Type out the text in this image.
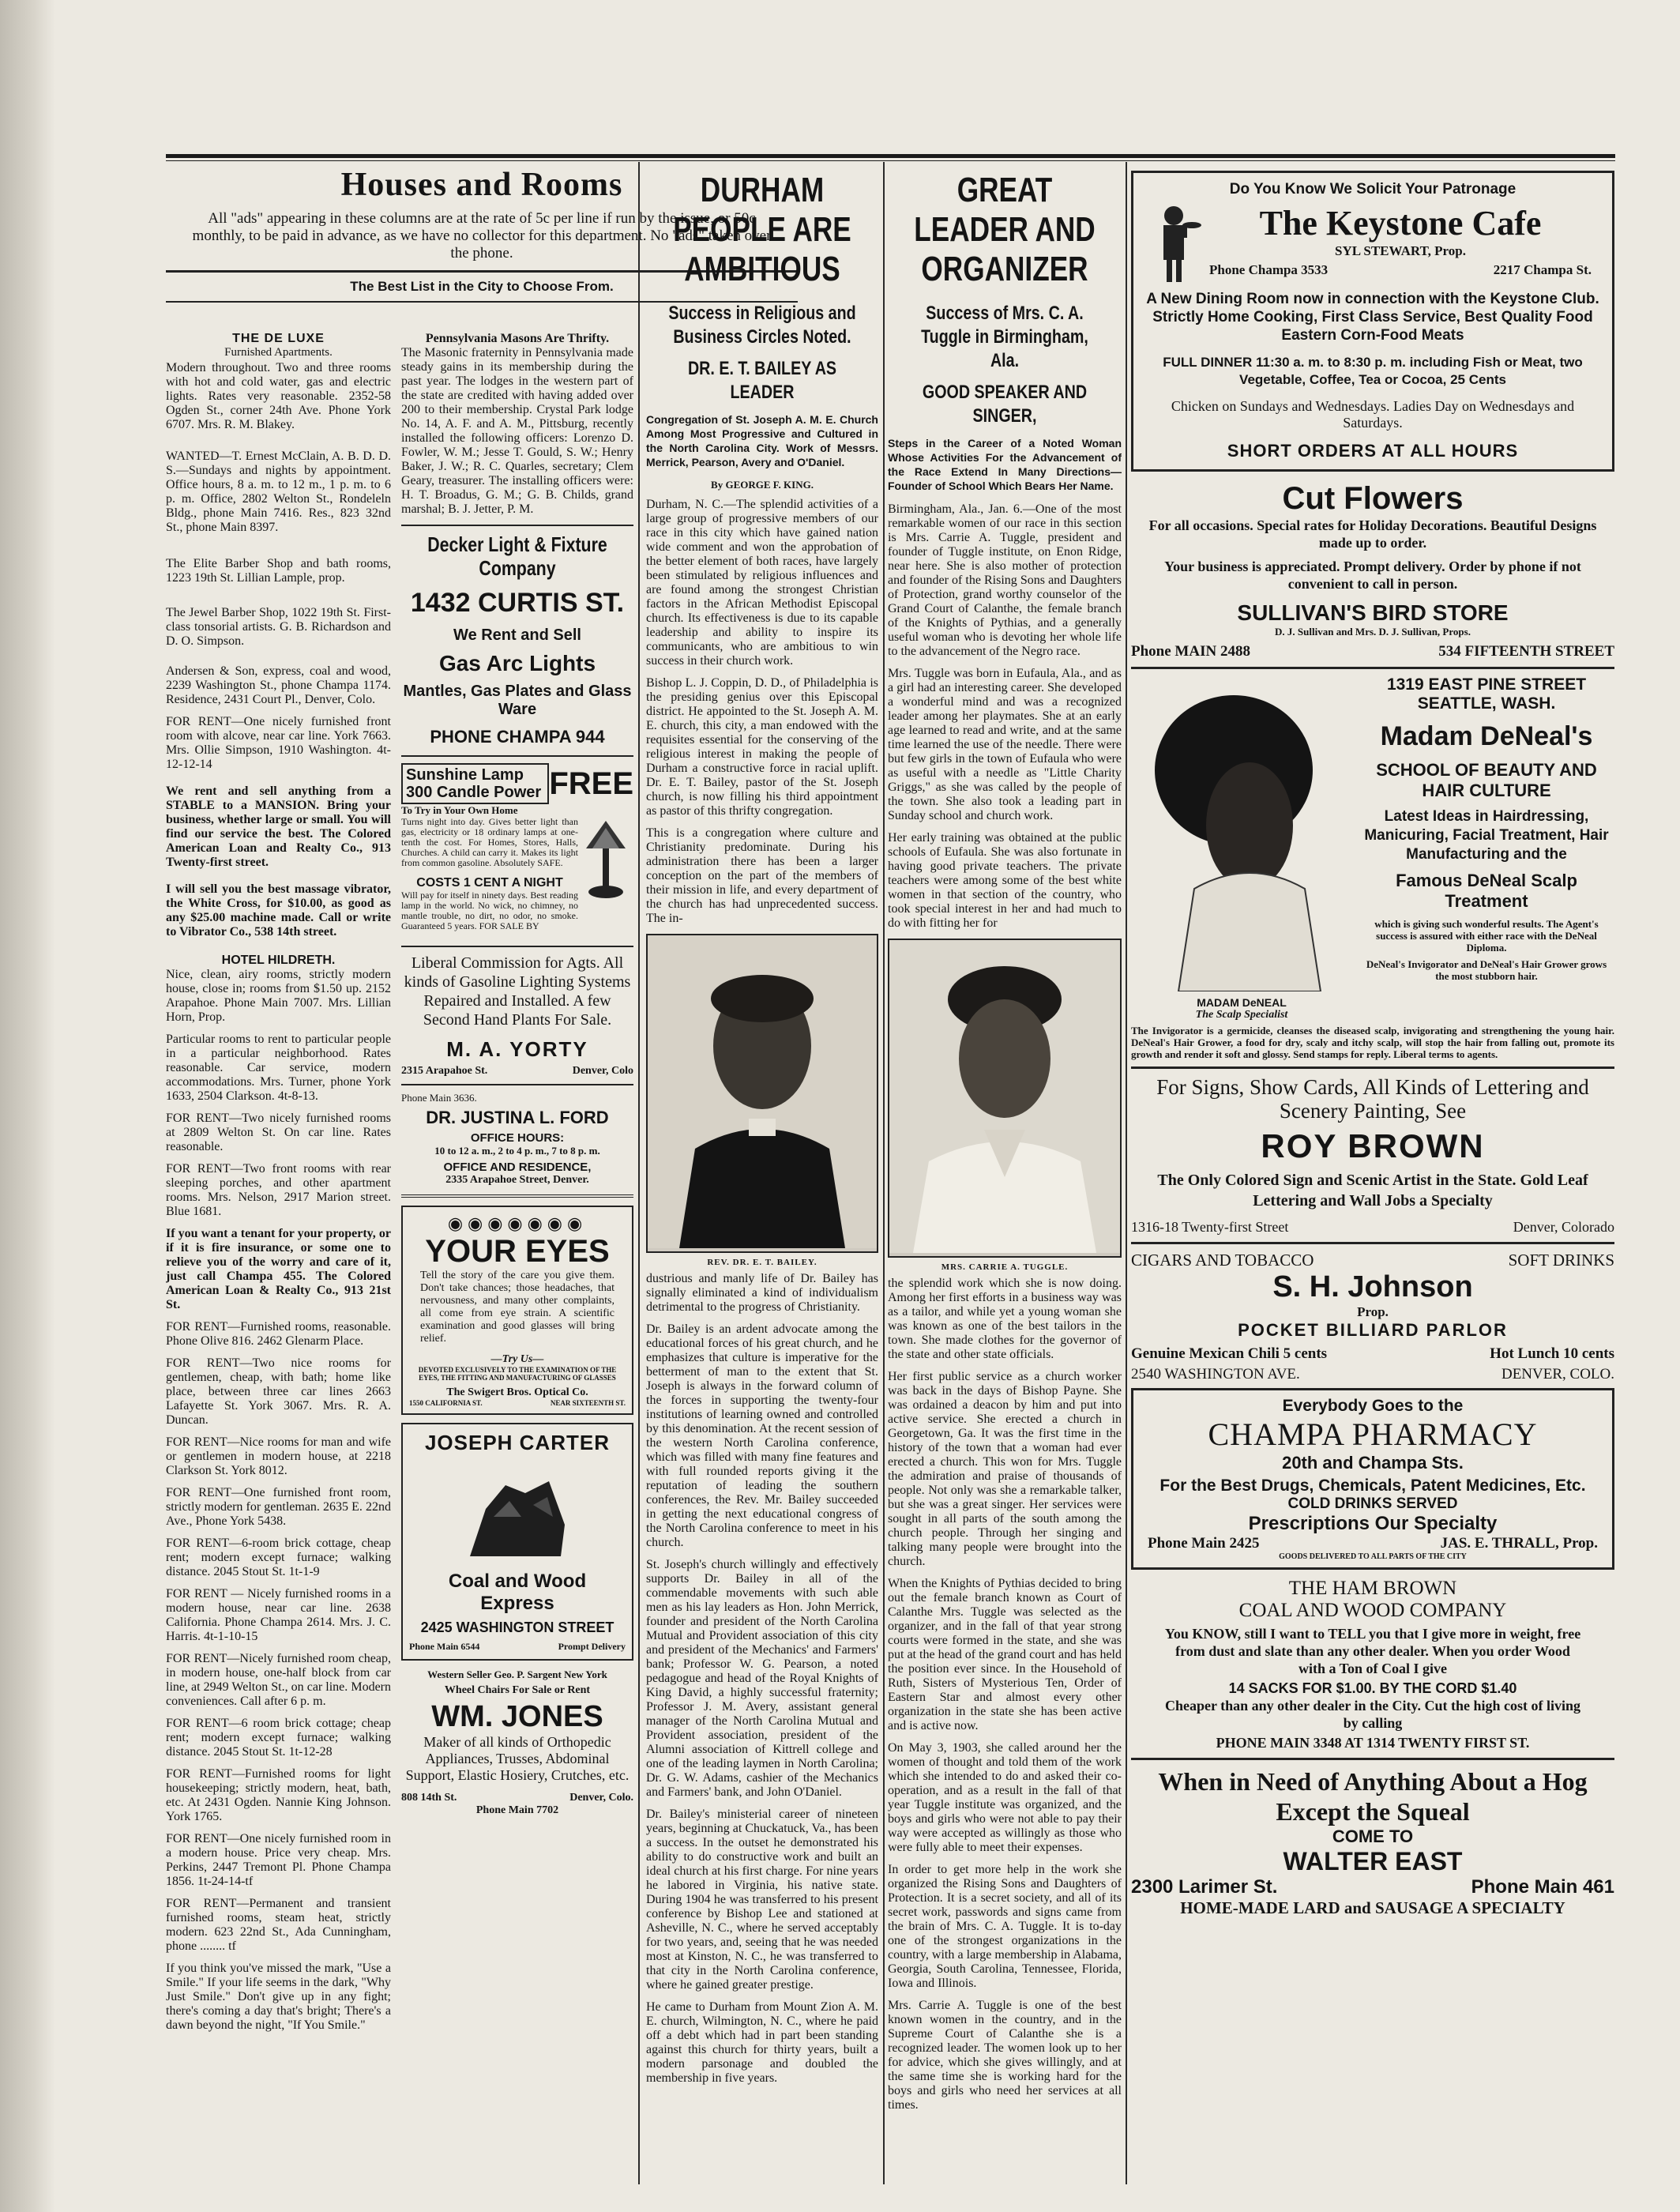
Houses and Rooms

All "ads" appearing in these columns are at the rate of 5c per line if run by the issue, or 50c monthly, to be paid in advance, as we have no collector for this department. No "ads" taken over the phone.

The Best List in the City to Choose From.
THE DE LUXE
Furnished Apartments.

Modern throughout. Two and three rooms with hot and cold water, gas and electric lights. Rates very reasonable. 2352-58 Ogden St., corner 24th Ave. Phone York 6707. Mrs. R. M. Blakey.

WANTED—T. Ernest McClain, A. B. D. D. S.—Sundays and nights by appointment. Office hours, 8 a. m. to 12 m., 1 p. m. to 6 p. m. Office, 2802 Welton St., Rondeleln Bldg., phone Main 7416. Res., 823 32nd St., phone Main 8397.

The Elite Barber Shop and bath rooms, 1223 19th St. Lillian Lample, prop.

The Jewel Barber Shop, 1022 19th St. First-class tonsorial artists. G. B. Richardson and D. O. Simpson.

Andersen & Son, express, coal and wood, 2239 Washington St., phone Champa 1174. Residence, 2431 Court Pl., Denver, Colo.

FOR RENT—One nicely furnished front room with alcove, near car line. York 7663. Mrs. Ollie Simpson, 1910 Washington. 4t-12-12-14

We rent and sell anything from a STABLE to a MANSION. Bring your business, whether large or small. You will find our service the best. The Colored American Loan and Realty Co., 913 Twenty-first street.

I will sell you the best massage vibrator, the White Cross, for $10.00, as good as any $25.00 machine made. Call or write to Vibrator Co., 538 14th street.

HOTEL HILDRETH.

Nice, clean, airy rooms, strictly modern house, close in; rooms from $1.50 up. 2152 Arapahoe. Phone Main 7007. Mrs. Lillian Horn, Prop.

Particular rooms to rent to particular people in a particular neighborhood. Rates reasonable. Car service, modern accommodations. Mrs. Turner, phone York 1633, 2504 Clarkson. 4t-8-13.

FOR RENT—Two nicely furnished rooms at 2809 Welton St. On car line. Rates reasonable.

FOR RENT—Two front rooms with rear sleeping porches, and other apartment rooms. Mrs. Nelson, 2917 Marion street. Blue 1681.

If you want a tenant for your property, or if it is fire insurance, or some one to relieve you of the worry and care of it, just call Champa 455. The Colored American Loan & Realty Co., 913 21st St.

FOR RENT—Furnished rooms, reasonable. Phone Olive 816. 2462 Glenarm Place.

FOR RENT—Two nice rooms for gentlemen, cheap, with bath; home like place, between three car lines 2663 Lafayette St. York 3067. Mrs. R. A. Duncan.

FOR RENT—Nice rooms for man and wife or gentlemen in modern house, at 2218 Clarkson St. York 8012.

FOR RENT—One furnished front room, strictly modern for gentleman. 2635 E. 22nd Ave., Phone York 5438.

FOR RENT—6-room brick cottage, cheap rent; modern except furnace; walking distance. 2045 Stout St. 1t-1-9

FOR RENT — Nicely furnished rooms in a modern house, near car line. 2638 California. Phone Champa 2614. Mrs. J. C. Harris. 4t-1-10-15

FOR RENT—Nicely furnished room cheap, in modern house, one-half block from car line, at 2949 Welton St., on car line. Modern conveniences. Call after 6 p. m.

FOR RENT—6 room brick cottage; cheap rent; modern except furnace; walking distance. 2045 Stout St. 1t-12-28

FOR RENT—Furnished rooms for light housekeeping; strictly modern, heat, bath, etc. At 2431 Ogden. Nannie King Johnson. York 1765.

FOR RENT—One nicely furnished room in a modern house. Price very cheap. Mrs. Perkins, 2447 Tremont Pl. Phone Champa 1856. 1t-24-14-tf

FOR RENT—Permanent and transient furnished rooms, steam heat, strictly modern. 623 22nd St., Ada Cunningham, phone ........ tf

If you think you've missed the mark, "Use a Smile." If your life seems in the dark, "Why Just Smile." Don't give up in any fight; there's coming a day that's bright; There's a dawn beyond the night, "If You Smile."

Pennsylvania Masons Are Thrifty.

The Masonic fraternity in Pennsylvania made steady gains in its membership during the past year. The lodges in the western part of the state are credited with having added over 200 to their membership. Crystal Park lodge No. 14, A. F. and A. M., Pittsburg, recently installed the following officers: Lorenzo D. Fowler, W. M.; Jesse T. Gould, S. W.; Henry Baker, J. W.; R. C. Quarles, secretary; Clem Geary, treasurer. The installing officers were: H. T. Broadus, G. M.; G. B. Childs, grand marshal; B. J. Jetter, P. M.

Decker Light & Fixture Company
1432 CURTIS ST.
We Rent and Sell
Gas Arc Lights
Mantles, Gas Plates and Glass Ware
PHONE CHAMPA 944
Sunshine Lamp 300 Candle Power FREE
To Try in Your Own Home

Turns night into day. Gives better light than gas, electricity or 18 ordinary lamps at one-tenth the cost. For Homes, Stores, Halls, Churches. A child can carry it. Makes its light from common gasoline. Absolutely SAFE.

COSTS 1 CENT A NIGHT

Will pay for itself in ninety days. Best reading lamp in the world. No wick, no chimney, no mantle trouble, no dirt, no odor, no smoke. Guaranteed 5 years. FOR SALE BY

Liberal Commission for Agts. All kinds of Gasoline Lighting Systems Repaired and Installed. A few Second Hand Plants For Sale.

M. A. YORTY
2315 Arapahoe St.	Denver, Colo
Phone Main 3636.
DR. JUSTINA L. FORD
OFFICE HOURS:
10 to 12 a. m., 2 to 4 p. m., 7 to 8 p. m.
OFFICE AND RESIDENCE,
2335 Arapahoe Street, Denver.
◉◉◉◉◉◉◉
YOUR EYES

Tell the story of the care you give them. Don't take chances; those headaches, that nervousness, and many other complaints, all come from eye strain. A scientific examination and good glasses will bring relief.

—Try Us—
DEVOTED EXCLUSIVELY TO THE EXAMINATION OF THE EYES, THE FITTING AND MANUFACTURING OF GLASSES
The Swigert Bros. Optical Co.
1550 CALIFORNIA ST.	NEAR SIXTEENTH ST.
JOSEPH CARTER
Coal and Wood Express
2425 WASHINGTON STREET
Phone Main 6544	Prompt Delivery
Western Seller Geo. P. Sargent New York
Wheel Chairs For Sale or Rent
WM. JONES

Maker of all kinds of Orthopedic Appliances, Trusses, Abdominal Support, Elastic Hosiery, Crutches, etc.

808 14th St.	Denver, Colo.
Phone Main 7702
DURHAM PEOPLE ARE AMBITIOUS
Success in Religious and Business Circles Noted.
DR. E. T. BAILEY AS LEADER
Congregation of St. Joseph A. M. E. Church Among Most Progressive and Cultured in the North Carolina City. Work of Messrs. Merrick, Pearson, Avery and O'Daniel.
By GEORGE F. KING.

Durham, N. C.—The splendid activities of a large group of progressive members of our race in this city which have gained nation wide comment and won the approbation of the better element of both races, have largely been stimulated by religious influences and are found among the strongest Christian factors in the African Methodist Episcopal church. Its effectiveness is due to its capable leadership and ability to inspire its communicants, who are ambitious to win success in their church work.

Bishop L. J. Coppin, D. D., of Philadelphia is the presiding genius over this Episcopal district. He appointed to the St. Joseph A. M. E. church, this city, a man endowed with the requisites essential for the conserving of the religious interest in making the people of Durham a constructive force in racial uplift. Dr. E. T. Bailey, pastor of the St. Joseph church, is now filling his third appointment as pastor of this thrifty congregation.

This is a congregation where culture and Christianity predominate. During his administration there has been a larger conception on the part of the members of their mission in life, and every department of the church has had unprecedented success. The in-

REV. DR. E. T. BAILEY.

dustrious and manly life of Dr. Bailey has signally eliminated a kind of individualism detrimental to the progress of Christianity.

Dr. Bailey is an ardent advocate among the educational forces of his great church, and he emphasizes that culture is imperative for the betterment of man to the extent that St. Joseph is always in the forward column of the forces in supporting the twenty-four institutions of learning owned and controlled by this denomination. At the recent session of the western North Carolina conference, which was filled with many fine features and with full rounded reports giving it the reputation of leading the southern conferences, the Rev. Mr. Bailey succeeded in getting the next educational congress of the North Carolina conference to meet in his church.

St. Joseph's church willingly and effectively supports Dr. Bailey in all of the commendable movements with such able men as his lay leaders as Hon. John Merrick, founder and president of the North Carolina Mutual and Provident association of this city and president of the Mechanics' and Farmers' bank; Professor W. G. Pearson, a noted pedagogue and head of the Royal Knights of King David, a highly successful fraternity; Professor J. M. Avery, assistant general manager of the North Carolina Mutual and Provident association, president of the Alumni association of Kittrell college and one of the leading laymen in North Carolina; Dr. G. W. Adams, cashier of the Mechanics and Farmers' bank, and John O'Daniel.

Dr. Bailey's ministerial career of nineteen years, beginning at Chuckatuck, Va., has been a success. In the outset he demonstrated his ability to do constructive work and built an ideal church at his first charge. For nine years he labored in Virginia, his native state. During 1904 he was transferred to his present conference by Bishop Lee and stationed at Asheville, N. C., where he served acceptably for two years, and, seeing that he was needed most at Kinston, N. C., he was transferred to that city in the North Carolina conference, where he gained greater prestige.

He came to Durham from Mount Zion A. M. E. church, Wilmington, N. C., where he paid off a debt which had in part been standing against this church for thirty years, built a modern parsonage and doubled the membership in five years.

GREAT LEADER AND ORGANIZER
Success of Mrs. C. A. Tuggle in Birmingham, Ala.
GOOD SPEAKER AND SINGER,
Steps in the Career of a Noted Woman Whose Activities For the Advancement of the Race Extend In Many Directions—Founder of School Which Bears Her Name.

Birmingham, Ala., Jan. 6.—One of the most remarkable women of our race in this section is Mrs. Carrie A. Tuggle, president and founder of Tuggle institute, on Enon Ridge, near here. She is also mother of protection and founder of the Rising Sons and Daughters of Protection, grand worthy counselor of the Grand Court of Calanthe, the female branch of the Knights of Pythias, and a generally useful woman who is devoting her whole life to the advancement of the Negro race.

Mrs. Tuggle was born in Eufaula, Ala., and as a girl had an interesting career. She developed a wonderful mind and was a recognized leader among her playmates. She at an early age learned to read and write, and at the same time learned the use of the needle. There were but few girls in the town of Eufaula who were as useful with a needle as "Little Charity Griggs," as she was called by the people of the town. She also took a leading part in Sunday school and church work.

Her early training was obtained at the public schools of Eufaula. She was also fortunate in having good private teachers. The private teachers were among some of the best white women in that section of the country, who took special interest in her and had much to do with fitting her for

MRS. CARRIE A. TUGGLE.

the splendid work which she is now doing. Among her first efforts in a business way was as a tailor, and while yet a young woman she was known as one of the best tailors in the town. She made clothes for the governor of the state and other state officials.

Her first public service as a church worker was back in the days of Bishop Payne. She was ordained a deacon by him and put into active service. She erected a church in Georgetown, Ga. It was the first time in the history of the town that a woman had ever erected a church. This won for Mrs. Tuggle the admiration and praise of thousands of people. Not only was she a remarkable talker, but she was a great singer. Her services were sought in all parts of the south among the church people. Through her singing and talking many people were brought into the church.

When the Knights of Pythias decided to bring out the female branch known as Court of Calanthe Mrs. Tuggle was selected as the organizer, and in the fall of that year strong courts were formed in the state, and she was put at the head of the grand court and has held the position ever since. In the Household of Ruth, Sisters of Mysterious Ten, Order of Eastern Star and almost every other organization in the state she has been active and is active now.

On May 3, 1903, she called around her the women of thought and told them of the work which she intended to do and asked their co-operation, and as a result in the fall of that year Tuggle institute was organized, and the boys and girls who were not able to pay their way were accepted as willingly as those who were fully able to meet their expenses.

In order to get more help in the work she organized the Rising Sons and Daughters of Protection. It is a secret society, and all of its secret work, passwords and signs came from the brain of Mrs. C. A. Tuggle. It is to-day one of the strongest organizations in the country, with a large membership in Alabama, Georgia, South Carolina, Tennessee, Florida, Iowa and Illinois.

Mrs. Carrie A. Tuggle is one of the best known women in the country, and in the Supreme Court of Calanthe she is a recognized leader. The women look up to her for advice, which she gives willingly, and at the same time she is working hard for the boys and girls who need her services at all times.

Do You Know We Solicit Your Patronage
The Keystone Cafe
SYL STEWART, Prop.
Phone Champa 3533	2217 Champa St.
A New Dining Room now in connection with the Keystone Club. Strictly Home Cooking, First Class Service, Best Quality Food Eastern Corn-Food Meats
FULL DINNER 11:30 a. m. to 8:30 p. m. including Fish or Meat, two Vegetable, Coffee, Tea or Cocoa, 25 Cents
Chicken on Sundays and Wednesdays. Ladies Day on Wednesdays and Saturdays.
SHORT ORDERS AT ALL HOURS
Cut Flowers
For all occasions. Special rates for Holiday Decorations. Beautiful Designs made up to order.
Your business is appreciated. Prompt delivery. Order by phone if not convenient to call in person.
SULLIVAN'S BIRD STORE
D. J. Sullivan and Mrs. D. J. Sullivan, Props.
Phone MAIN 2488	534 FIFTEENTH STREET
MADAM DeNEAL
The Scalp Specialist
1319 EAST PINE STREET
SEATTLE, WASH.
Madam DeNeal's
SCHOOL OF BEAUTY AND HAIR CULTURE
Latest Ideas in Hairdressing, Manicuring, Facial Treatment, Hair Manufacturing and the
Famous DeNeal Scalp Treatment
which is giving such wonderful results. The Agent's success is assured with either race with the DeNeal Diploma.
DeNeal's Invigorator and DeNeal's Hair Grower grows the most stubborn hair.
The Invigorator is a germicide, cleanses the diseased scalp, invigorating and strengthening the young hair. DeNeal's Hair Grower, a food for dry, scaly and itchy scalp, will stop the hair from falling out, promote its growth and render it soft and glossy. Send stamps for reply. Liberal terms to agents.
For Signs, Show Cards, All Kinds of Lettering and Scenery Painting, See
ROY BROWN
The Only Colored Sign and Scenic Artist in the State. Gold Leaf Lettering and Wall Jobs a Specialty
1316-18 Twenty-first Street	Denver, Colorado
CIGARS AND TOBACCO	SOFT DRINKS
S. H. Johnson
Prop.
POCKET BILLIARD PARLOR
Genuine Mexican Chili 5 cents	Hot Lunch 10 cents
2540 WASHINGTON AVE.	DENVER, COLO.
Everybody Goes to the
CHAMPA PHARMACY
20th and Champa Sts.
For the Best Drugs, Chemicals, Patent Medicines, Etc.
COLD DRINKS SERVED
Prescriptions Our Specialty
Phone Main 2425	JAS. E. THRALL, Prop.
GOODS DELIVERED TO ALL PARTS OF THE CITY
THE HAM BROWN
COAL AND WOOD COMPANY
You KNOW, still I want to TELL you that I give more in weight, free from dust and slate than any other dealer. When you order Wood with a Ton of Coal I give
14 SACKS FOR $1.00. BY THE CORD $1.40
Cheaper than any other dealer in the City. Cut the high cost of living by calling
PHONE MAIN 3348 AT 1314 TWENTY FIRST ST.
When in Need of Anything About a Hog Except the Squeal
COME TO
WALTER EAST
2300 Larimer St.	Phone Main 461
HOME-MADE LARD and SAUSAGE A SPECIALTY
